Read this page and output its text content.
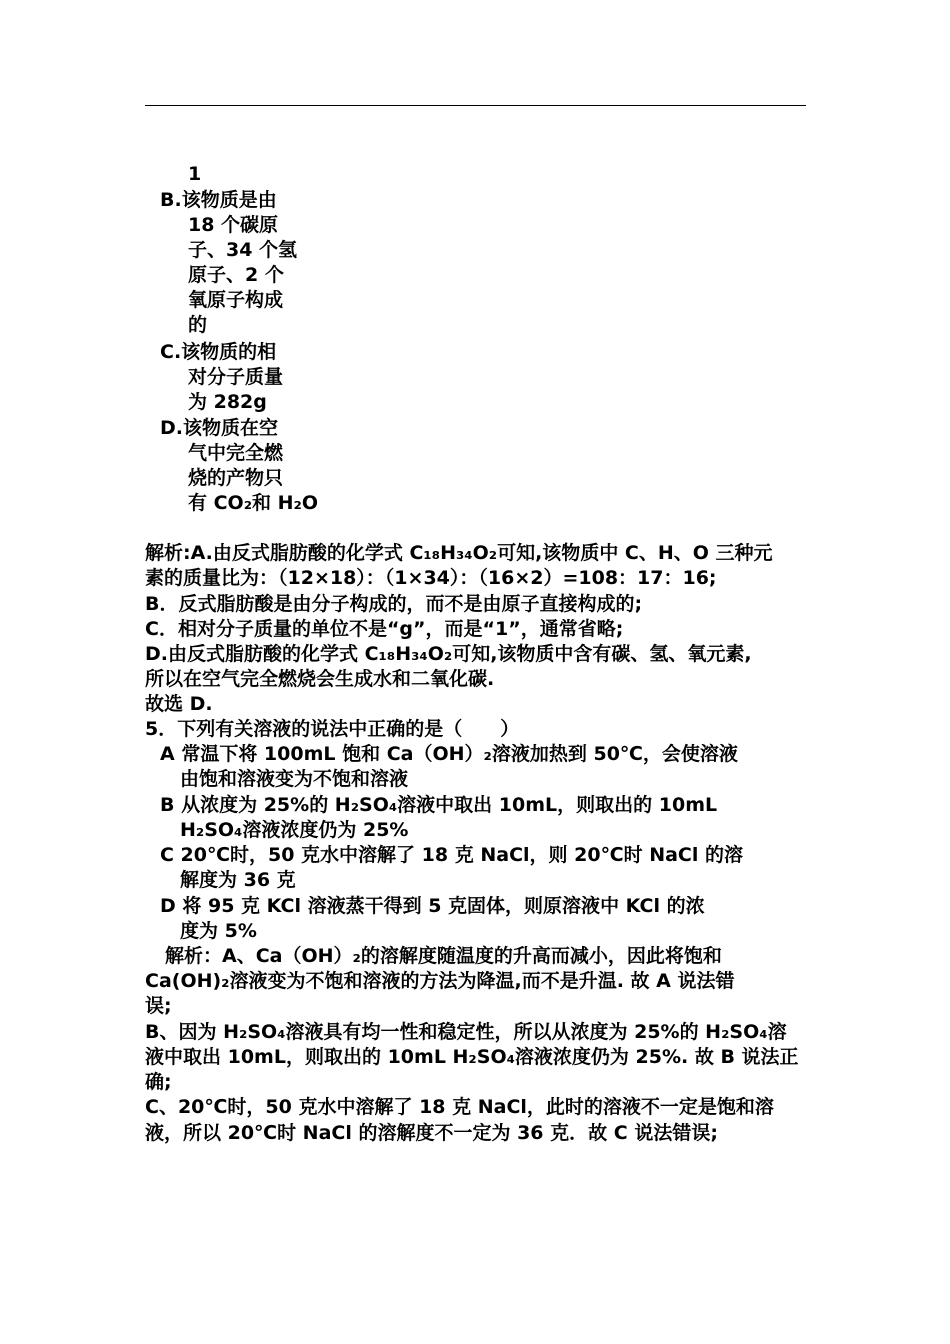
1
B.该物质是由
18 个碳原
子、34 个氢
原子、2 个
氧原子构成
的
C.该物质的相
对分子质量
为 282g
D.该物质在空
气中完全燃
烧的产物只
有 CO₂和 H₂O
解析:A.由反式脂肪酸的化学式 C₁₈H₃₄O₂可知,该物质中 C、H、O 三种元
素的质量比为：（12×18）：（1×34）：（16×2）=108：17：16;
B．反式脂肪酸是由分子构成的，而不是由原子直接构成的;
C．相对分子质量的单位不是“g”，而是“1”，通常省略;
D.由反式脂肪酸的化学式 C₁₈H₃₄O₂可知,该物质中含有碳、氢、氧元素,
所以在空气完全燃烧会生成水和二氧化碳.
故选 D.
5．下列有关溶液的说法中正确的是（　　）
A 常温下将 100mL 饱和 Ca（OH）₂溶液加热到 50℃，会使溶液
由饱和溶液变为不饱和溶液
B 从浓度为 25%的 H₂SO₄溶液中取出 10mL，则取出的 10mL
H₂SO₄溶液浓度仍为 25%
C 20℃时，50 克水中溶解了 18 克 NaCl，则 20℃时 NaCl 的溶
解度为 36 克
D 将 95 克 KCl 溶液蒸干得到 5 克固体，则原溶液中 KCl 的浓
度为 5%
解析：A、Ca（OH）₂的溶解度随温度的升高而减小，因此将饱和
Ca(OH)₂溶液变为不饱和溶液的方法为降温,而不是升温. 故 A 说法错
误;
B、因为 H₂SO₄溶液具有均一性和稳定性，所以从浓度为 25%的 H₂SO₄溶
液中取出 10mL，则取出的 10mL H₂SO₄溶液浓度仍为 25%. 故 B 说法正
确;
C、20℃时，50 克水中溶解了 18 克 NaCl，此时的溶液不一定是饱和溶
液，所以 20℃时 NaCl 的溶解度不一定为 36 克．故 C 说法错误;
